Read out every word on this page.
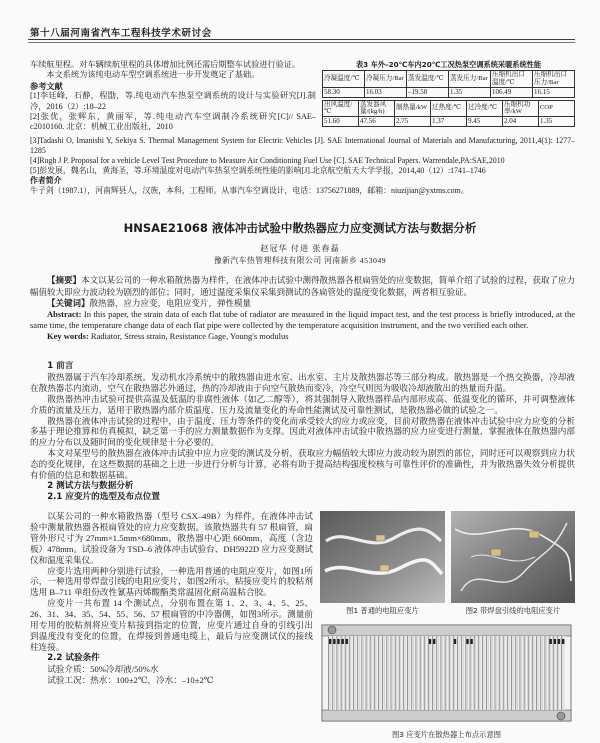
第十八届河南省汽车工程科技学术研讨会

车续航里程。对车辆续航里程的具体增加比例还需后期整车试验进行验证。

本文系统为该纯电动车型空调系统进一步开发奠定了基础。

参考文献

[1]李廷峰，石静，程勖，等.纯电动汽车热泵空调系统的设计与实验研究[J].制冷，2016（2）:18–22

[2]张优，张辉东，黄丽军，等.纯电动汽车空调制冷系统研究[C]// SAE–c2010160. 北京：机械工业出版社，2010

表3 车外–20℃车内20℃工况热泵空调系统采暖系统性能
冷凝温度/℃	冷凝压力/Bar	蒸发温度/℃	蒸发压力/Bar	压缩机出口温度/℃	压缩机出口压力/Bar
58.30	16.03	–19.58	1.35	106.49	16.15
出风温度/℃	蒸发器风量/(kg/h)	制热量/kW	过热度/℃	过冷度/℃	压缩机功率/kW	COP
51.60	47.56	2.75	1.37	9.45	2.04	1.35

[3]Tadashi O, Imanishi Y, Sekiya S. Thermal Management System for Electric Vehicles [J]. SAE International Journal of Materials and Manufacturing, 2011,4(1): 1277–1285

[4]Rugh J P. Proposal for a vehicle Level Test Procedure to Measure Air Conditioning Fuel Use [C]. SAE Technical Papers. Warrendale,PA:SAE,2010

[5]彭发展，魏名山，黄海圣，等.环境温度对电动汽车热泵空调系统性能的影响[J].北京航空航天大学学报，2014,40（12）:1741–1746

作者简介

牛子剑（1987.1），河南辉县人，汉族，本科，工程师。从事汽车空调设计，电话：13756271889，邮箱：niuzijian@yxtms.com。

HNSAE21068 液体冲击试验中散热器应力应变测试方法与数据分析
赵冠华 付进 张春磊
豫新汽车热管理科技有限公司 河南新乡 453049

【摘要】本文以某公司的一种水箱散热器为样件，在液体冲击试验中测得散热器各根扁管处的应变数据，简单介绍了试验的过程，获取了应力幅值较大即应力波动较为剧烈的部位；同时，通过温度采集仪采集到测试的各扁管处的温度变化数据，两者相互验证。

【关键词】散热器，应力应变，电阻应变片，弹性模量

Abstract: In this paper, the strain data of each flat tube of radiator are measured in the liquid impact test, and the test process is briefly introduced, at the same time, the temperature change data of each flat pipe were collected by the temperature acquisition instrument, and the two verified each other.

Key words: Radiator, Stress strain, Resistance Gage, Young's modulus

1 前言

散热器属于汽车冷却系统。发动机水冷系统中的散热器由进水室、出水室、主片及散热器芯等三部分构成。散热器是一个热交换器，冷却液在散热器芯内流动，空气在散热器芯外通过，热的冷却液由于向空气散热而变冷，冷空气则因为吸收冷却液散出的热量而升温。

散热器热冲击试验可提供高温及低温的非腐性液体（如乙二醇等），将其强制导入散热器样品内部形成高、低温变化的循环，并可调整液体介质的流量及压力，适用于散热器内部介质温度、压力及流量变化的寿命性能测试及可靠性测试，是散热器必做的试验之一。

散热器在液体冲击试验的过程中，由于温度、压力等条件的变化而承受较大的应力或应变，目前对散热器在液体冲击试验中应力应变的分析多基于理论推算和仿真模拟，缺乏第一手的应力测量数据作为支撑。因此对液体冲击试验中散热器的应力应变进行测量，掌握液体在散热器内部的应力分布以及随时间的变化规律是十分必要的。

本文对某型号的散热器在液体冲击试验中应力应变的测试及分析，获取应力幅值较大即应力波动较为剧烈的部位，同时还可以观察到应力状态的变化规律，在这些数据的基础之上进一步进行分析与计算，必将有助于提高结构强度校核与可靠性评价的准确性，并为散热器失效分析提供有价值的信息和数据基础。

2 测试方法与数据分析

2.1 应变片的选型及布点位置

以某公司的一种水箱散热器（型号 CSX–49B）为样件，在液体冲击试验中测量散热器各根扁管处的应力应变数据。该散热器共有 57 根扁管，扁管外形尺寸为 27mm×1.5mm×680mm，散热器中心距 660mm，高度（含边板）478mm。试验设备为 TSD–6 液体冲击试验台、DH5922D 应力应变测试仪和温度采集仪。

应变片选用两种分别进行试验，一种选用普通的电阻应变片，如图1所示，一种选用带焊盘引线的电阻应变片，如图2所示。粘接应变片的胶粘剂选用 B–711 单组份改性氰基丙烯酸酯类常温固化耐高温粘合胶。

应变片一共布置 14 个测试点，分别布置在第 1、2、3、4、5、25、26、31、34、35、54、55、56、57 根扁管的中冷器侧，如图3所示。测量前用专用的胶粘剂将应变片粘接到指定的位置，应变片通过自身的引线引出到温度没有变化的位置，在焊接到普通电缆上，最后与应变测试仪的接线柱连接。

2.2 试验条件

试验介质：50%冷却液/50%水

试验工况：热水：100±2℃，冷水：–10±2℃

图1 普通的电阻应变片	图2 带焊盘引线的电阻应变片
图3 应变片在散热器上布点示意图
